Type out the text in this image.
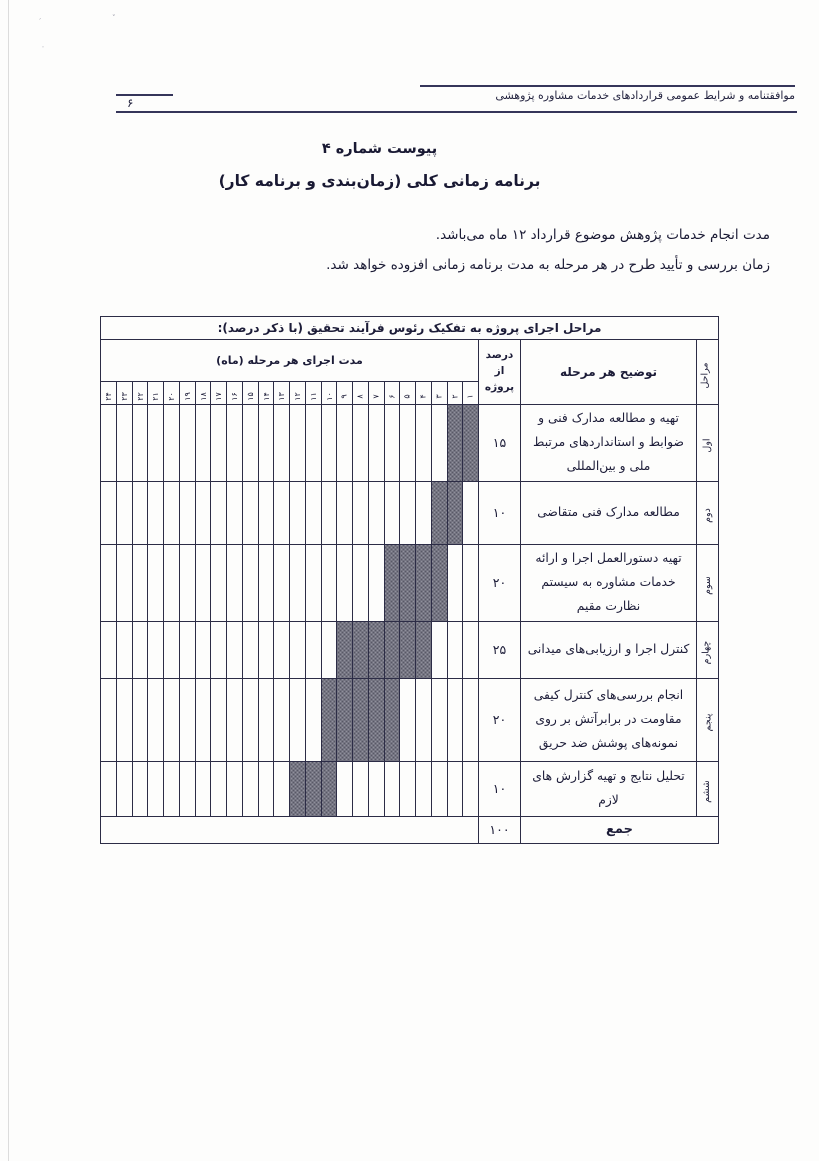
ˏ	ˬ
ˑ
موافقتنامه و شرایط عمومی قراردادهای خدمات مشاوره پژوهشی
۶
پیوست شماره ۴
برنامه زمانی کلی (زمان‌بندی و برنامه کار)
مدت انجام خدمات پژوهش موضوع قرارداد ۱۲ ماه می‌باشد.
زمان بررسی و تأیید طرح در هر مرحله به مدت برنامه زمانی افزوده خواهد شد.
مراحل اجرای پروژه به تفکیک رئوس فرآیند تحقیق (با ذکر درصد):																										
مراحل	توضیح هر مرحله	درصد از پروژه	مدت اجرای هر مرحله (ماه)																							
			۱	۲	۳	۴	۵	۶	۷	۸	۹	۱۰	۱۱	۱۲	۱۳	۱۴	۱۵	۱۶	۱۷	۱۸	۱۹	۲۰	۲۱	۲۲	۲۳	۲۴
اول	تهیه و مطالعه مدارک فنی و ضوابط و استانداردهای مرتبط ملی و بین‌المللی	۱۵																								
دوم	مطالعه مدارک فنی متقاضی	۱۰																								
سوم	تهیه دستورالعمل اجرا و ارائه خدمات مشاوره به سیستم نظارت مقیم	۲۰																								
چهارم	کنترل اجرا و ارزیابی‌های میدانی	۲۵																								
پنجم	انجام بررسی‌های کنترل کیفی مقاومت در برابرآتش بر روی نمونه‌های پوشش ضد حریق	۲۰																								
ششم	تحلیل نتایج و تهیه گزارش های لازم	۱۰																								
جمع		۱۰۰																								
